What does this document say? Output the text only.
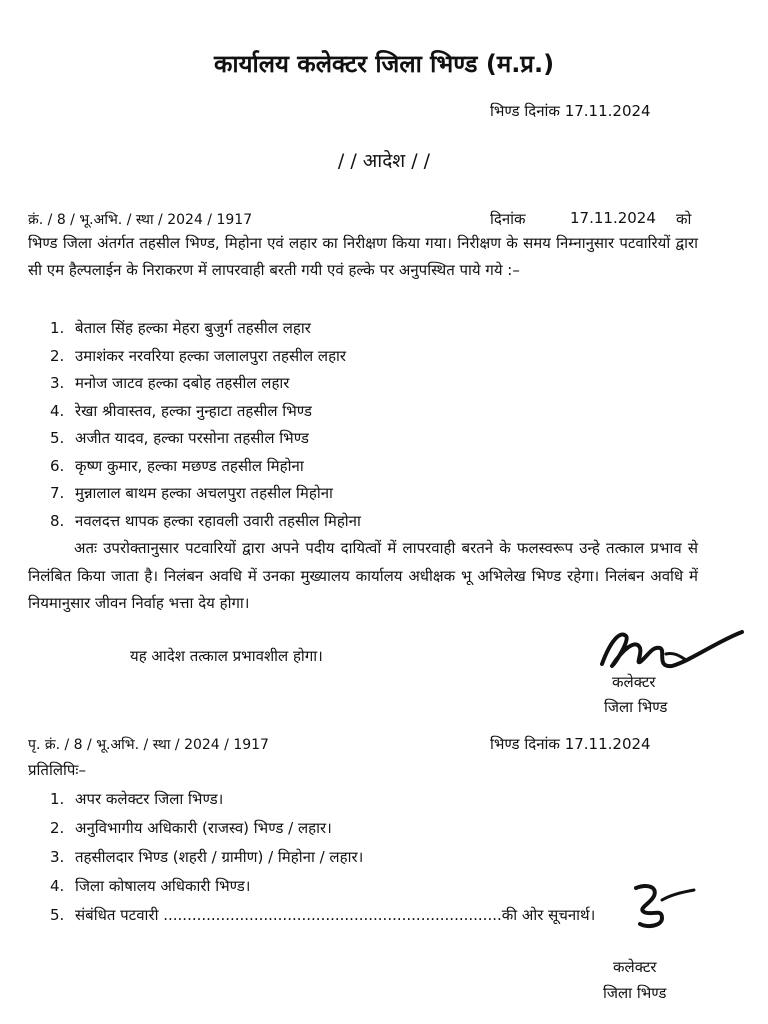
कार्यालय कलेक्टर जिला भिण्ड (म.प्र.)
भिण्ड दिनांक 17.11.2024
/ / आदेश / /
क्रं. / 8 / भू.अभि. / स्था / 2024 / 1917	दिनांक	17.11.2024 को
भिण्ड जिला अंतर्गत तहसील भिण्ड, मिहोना एवं लहार का निरीक्षण किया गया। निरीक्षण के समय निम्नानुसार पटवारियों द्वारा सी एम हैल्पलाईन के निराकरण में लापरवाही बरती गयी एवं हल्के पर अनुपस्थित पाये गये :–
1. बेताल सिंह हल्का मेहरा बुजुर्ग तहसील लहार
2. उमाशंकर नरवरिया हल्का जलालपुरा तहसील लहार
3. मनोज जाटव हल्का दबोह तहसील लहार
4. रेखा श्रीवास्तव, हल्का नुन्हाटा तहसील भिण्ड
5. अजीत यादव, हल्का परसोना तहसील भिण्ड
6. कृष्ण कुमार, हल्का मछण्ड तहसील मिहोना
7. मुन्नालाल बाथम हल्का अचलपुरा तहसील मिहोना
8. नवलदत्त थापक हल्का रहावली उवारी तहसील मिहोना
अतः उपरोक्तानुसार पटवारियों द्वारा अपने पदीय दायित्वों में लापरवाही बरतने के फलस्वरूप उन्हे तत्काल प्रभाव से निलंबित किया जाता है। निलंबन अवधि में उनका मुख्यालय कार्यालय अधीक्षक भू अभिलेख भिण्ड रहेगा। निलंबन अवधि में नियमानुसार जीवन निर्वाह भत्ता देय होगा।
यह आदेश तत्काल प्रभावशील होगा।
कलेक्टर
जिला भिण्ड
पृ. क्रं. / 8 / भू.अभि. / स्था / 2024 / 1917	भिण्ड दिनांक 17.11.2024
प्रतिलिपिः–
1. अपर कलेक्टर जिला भिण्ड।
2. अनुविभागीय अधिकारी (राजस्व) भिण्ड / लहार।
3. तहसीलदार भिण्ड (शहरी / ग्रामीण) / मिहोना / लहार।
4. जिला कोषालय अधिकारी भिण्ड।
5. संबंधित पटवारी .......................................................................की ओर सूचनार्थ।
कलेक्टर
जिला भिण्ड
